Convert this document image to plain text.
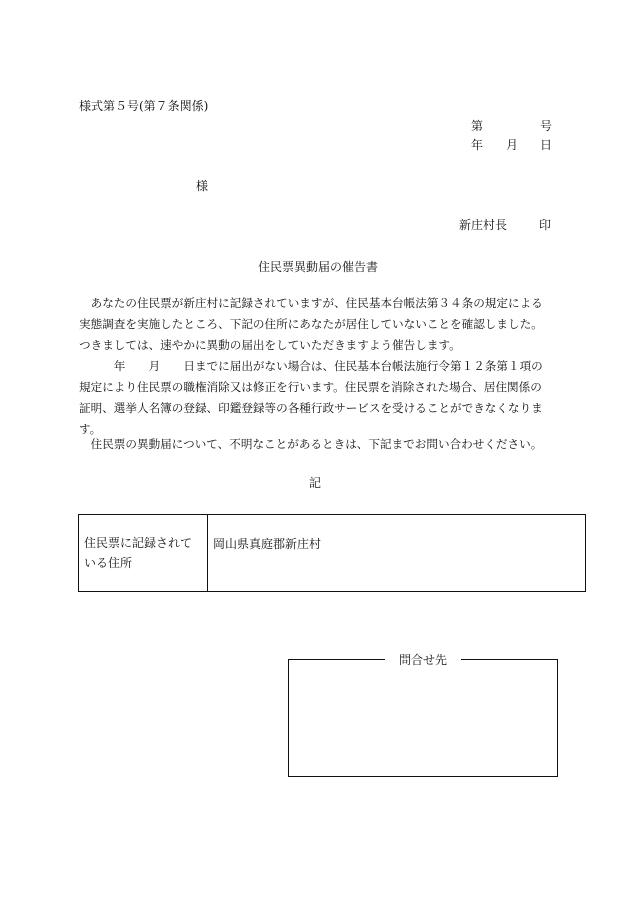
様式第５号(第７条関係)
第	号
年 月 日
様
新庄村長	印
住民票異動届の催告書

　あなたの住民票が新庄村に記録されていますが、住民基本台帳法第３４条の規定による実態調査を実施したところ、下記の住所にあなたが居住していないことを確認しました。

つきましては、速やかに異動の届出をしていただきますよう催告します。

　　　年　　月　　日までに届出がない場合は、住民基本台帳法施行令第１２条第１項の規定により住民票の職権消除又は修正を行います。住民票を消除された場合、居住関係の証明、選挙人名簿の登録、印鑑登録等の各種行政サービスを受けることができなくなります。

　住民票の異動届について、不明なことがあるときは、下記までお問い合わせください。

記
住民票に記録されている住所	岡山県真庭郡新庄村
問合せ先
